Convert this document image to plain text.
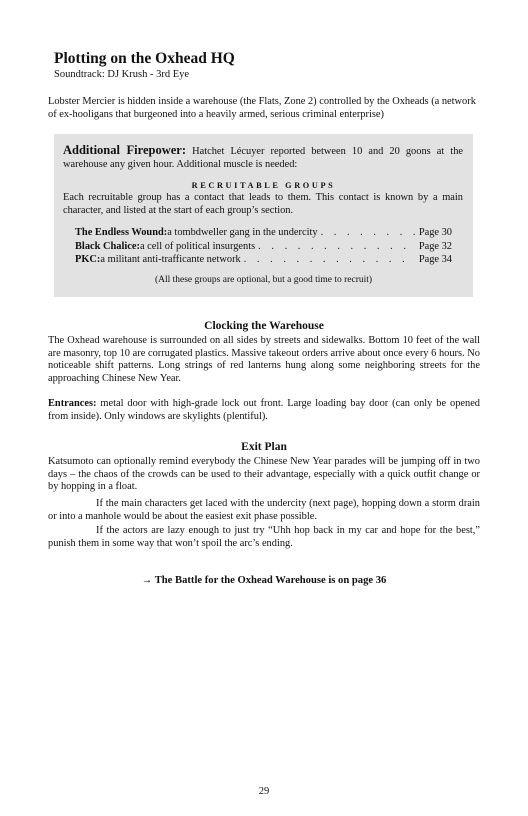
Plotting on the Oxhead HQ
Soundtrack: DJ Krush - 3rd Eye
Lobster Mercier is hidden inside a warehouse (the Flats, Zone 2) controlled by the Oxheads (a network of ex-hooligans that burgeoned into a heavily armed, serious criminal enterprise)
Additional Firepower: Hatchet Lécuyer reported between 10 and 20 goons at the warehouse any given hour. Additional muscle is needed:
RECRUITABLE GROUPS
Each recruitable group has a contact that leads to them. This contact is known by a main character, and listed at the start of each group’s section.
The Endless Wound: a tombdweller gang in the undercity . . .	Page 30
Black Chalice: a cell of political insurgents . . .	Page 32
PKC: a militant anti-trafficante network . . .	Page 34
(All these groups are optional, but a good time to recruit)
Clocking the Warehouse

The Oxhead warehouse is surrounded on all sides by streets and sidewalks. Bottom 10 feet of the wall are masonry, top 10 are corrugated plastics. Massive takeout orders arrive about once every 6 hours. No noticeable shift patterns. Long strings of red lanterns hung along some neighboring streets for the approaching Chinese New Year.

Entrances: metal door with high-grade lock out front. Large loading bay door (can only be opened from inside). Only windows are skylights (plentiful).

Exit Plan

Katsumoto can optionally remind everybody the Chinese New Year parades will be jumping off in two days – the chaos of the crowds can be used to their advantage, especially with a quick outfit change or by hopping in a float.

If the main characters get laced with the undercity (next page), hopping down a storm drain or into a manhole would be about the easiest exit phase possible.

If the actors are lazy enough to just try “Uhh hop back in my car and hope for the best,” punish them in some way that won’t spoil the arc’s ending.

→ The Battle for the Oxhead Warehouse is on page 36
29
